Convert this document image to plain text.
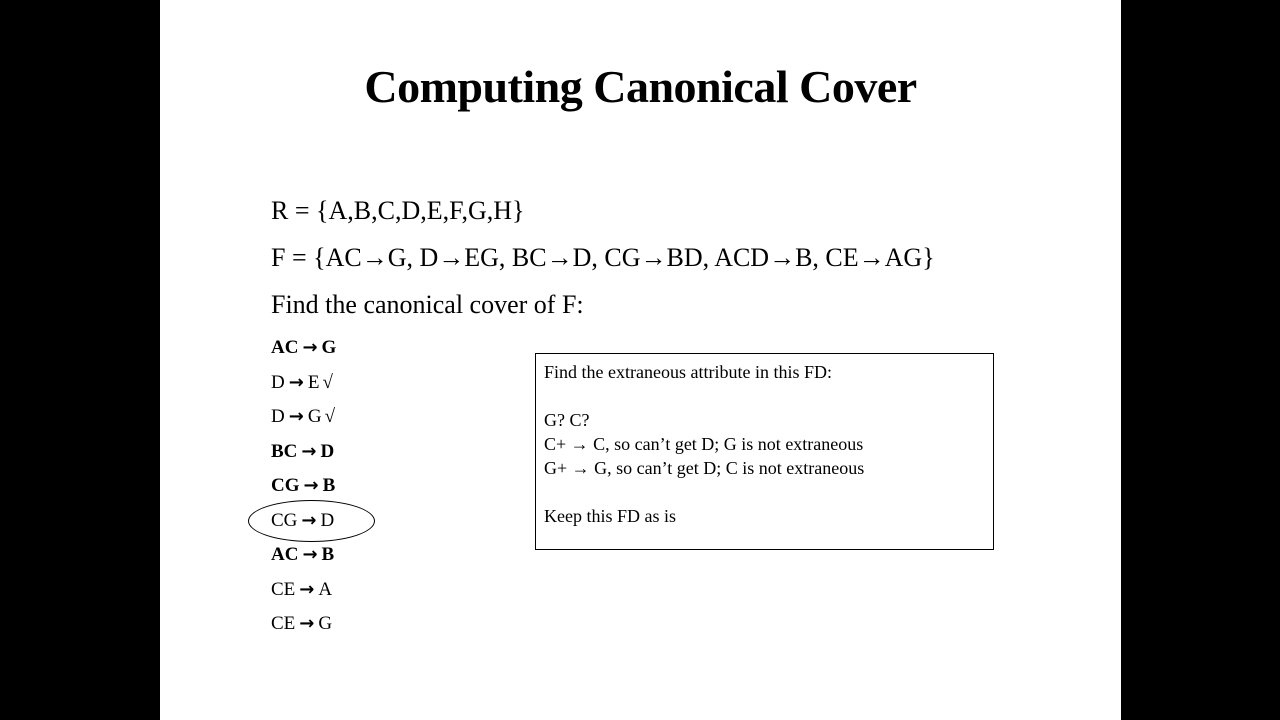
Computing Canonical Cover
R = {A,B,C,D,E,F,G,H}
F = {AC→G, D→EG, BC→D, CG→BD, ACD→B, CE→AG}
Find the canonical cover of F:
AC → G
D → E √
D → G √
BC → D
CG → B
CG → D
AC → B
CE → A
CE → G
Find the extraneous attribute in this FD:
G? C?
C+ → C, so can’t get D; G is not extraneous
G+ → G, so can’t get D; C is not extraneous
Keep this FD as is
